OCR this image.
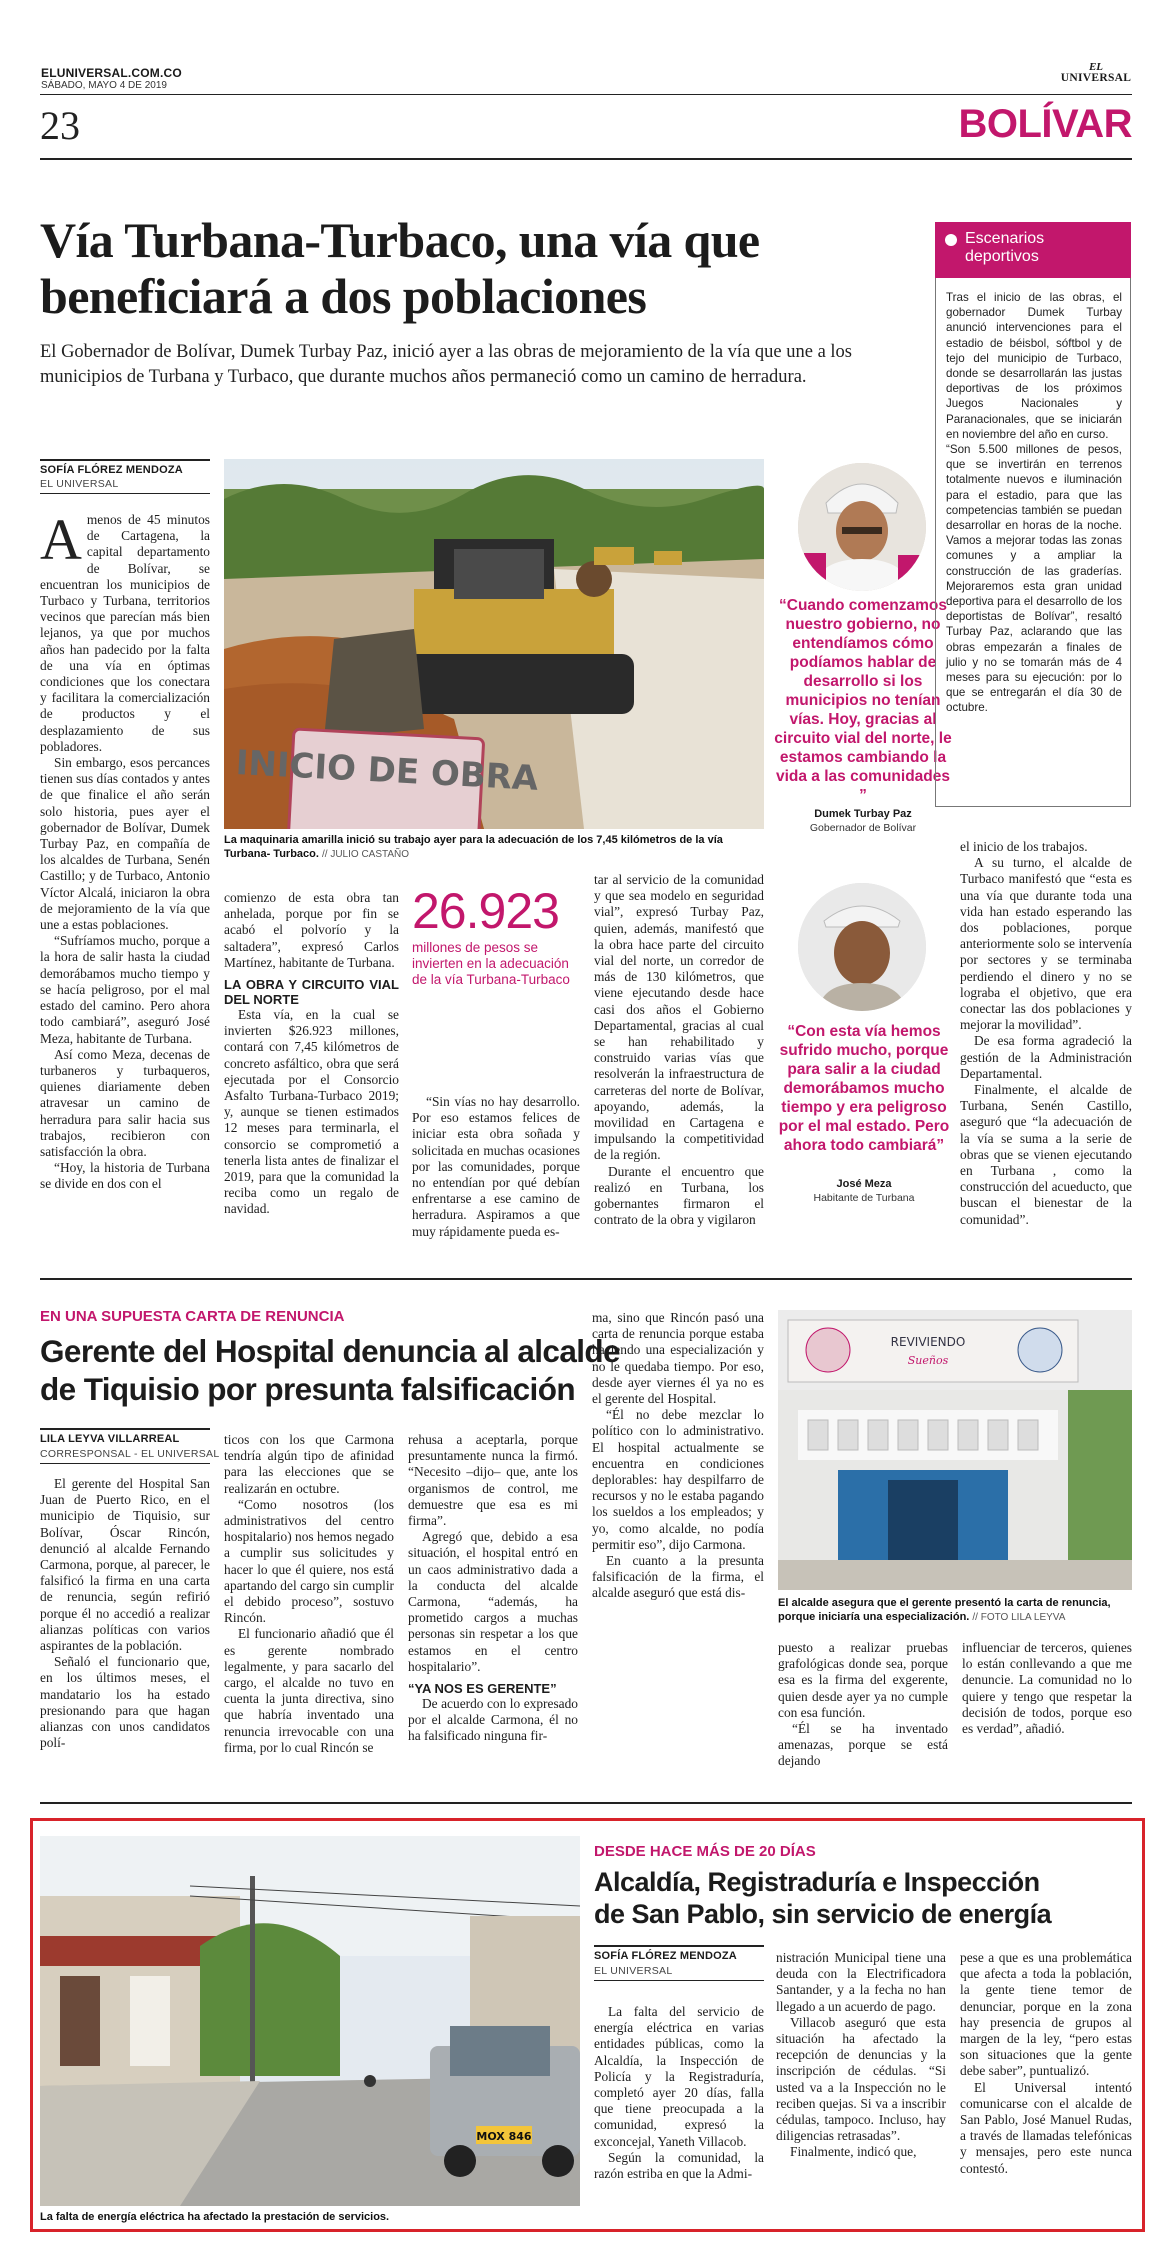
ELUNIVERSAL.COM.CO
SÁBADO, MAYO 4 DE 2019
EL
UNIVERSAL
23	BOLÍVAR
Vía Turbana-Turbaco, una vía que
beneficiará a dos poblaciones
El Gobernador de Bolívar, Dumek Turbay Paz, inició ayer a las obras de mejoramiento de la vía que une a los
municipios de Turbana y Turbaco, que durante muchos años permaneció como un camino de herradura.
SOFÍA FLÓREZ MENDOZA
EL UNIVERSAL
A menos de 45 minutos de Cartagena, la capital departamento de Bolívar, se encuentran los municipios de Turbaco y Turbana, territorios vecinos que parecían más bien lejanos, ya que por muchos años han padecido por la falta de una vía en óptimas condiciones que los conectara y facilitara la comercialización de productos y el desplazamiento de sus pobladores.

Sin embargo, esos percances tienen sus días contados y antes de que finalice el año serán solo historia, pues ayer el gobernador de Bolívar, Dumek Turbay Paz, en compañía de los alcaldes de Turbana, Senén Castillo; y de Turbaco, Antonio Víctor Alcalá, iniciaron la obra de mejoramiento de la vía que une a estas poblaciones.

“Sufríamos mucho, porque a la hora de salir hasta la ciudad demorábamos mucho tiempo y se hacía peligroso, por el mal estado del camino. Pero ahora todo cambiará”, aseguró José Meza, habitante de Turbana.

Así como Meza, decenas de turbaneros y turbaqueros, quienes diariamente deben atravesar un camino de herradura para salir hacia sus trabajos, recibieron con satisfacción la obra.

“Hoy, la historia de Turbana se divide en dos con el

INICIO DE OBRA
La maquinaria amarilla inició su trabajo ayer para la adecuación de los 7,45 kilómetros de la vía Turbana- Turbaco. // JULIO CASTAÑO

comienzo de esta obra tan anhelada, porque por fin se acabó el polvorío y la saltadera”, expresó Carlos Martínez, habitante de Turbana.

LA OBRA Y CIRCUITO VIAL DEL NORTE

Esta vía, en la cual se invierten $26.923 millones, contará con 7,45 kilómetros de concreto asfáltico, obra que será ejecutada por el Consorcio Asfalto Turbana-Turbaco 2019; y, aunque se tienen estimados 12 meses para terminarla, el consorcio se comprometió a tenerla lista antes de finalizar el 2019, para que la comunidad la reciba como un regalo de navidad.

26.923
millones de pesos se invierten en la adecuación de la vía Turbana-Turbaco

“Sin vías no hay desarrollo. Por eso estamos felices de iniciar esta obra soñada y solicitada en muchas ocasiones por las comunidades, porque no entendían por qué debían enfrentarse a ese camino de herradura. Aspiramos a que muy rápidamente pueda es-

tar al servicio de la comunidad y que sea modelo en seguridad vial”, expresó Turbay Paz, quien, además, manifestó que la obra hace parte del circuito vial del norte, un corredor de más de 130 kilómetros, que viene ejecutando desde hace casi dos años el Gobierno Departamental, gracias al cual se han rehabilitado y construido varias vías que resolverán la infraestructura de carreteras del norte de Bolívar, apoyando, además, la movilidad en Cartagena e impulsando la competitividad de la región.

Durante el encuentro que realizó en Turbana, los gobernantes firmaron el contrato de la obra y vigilaron

“Cuando comenzamos nuestro gobierno, no entendíamos cómo podíamos hablar de desarrollo si los municipios no tenían vías. Hoy, gracias al circuito vial del norte, le estamos cambiando la vida a las comunidades ”
Dumek Turbay Paz
Gobernador de Bolívar
“Con esta vía hemos sufrido mucho, porque para salir a la ciudad demorábamos mucho tiempo y era peligroso por el mal estado. Pero ahora todo cambiará”
José Meza
Habitante de Turbana

el inicio de los trabajos.

A su turno, el alcalde de Turbaco manifestó que “esta es una vía que durante toda una vida han estado esperando las dos poblaciones, porque anteriormente solo se intervenía por sectores y se terminaba perdiendo el dinero y no se lograba el objetivo, que era conectar las dos poblaciones y mejorar la movilidad”.

De esa forma agradeció la gestión de la Administración Departamental.

Finalmente, el alcalde de Turbana, Senén Castillo, aseguró que “la adecuación de la vía se suma a la serie de obras que se vienen ejecutando en Turbana , como la construcción del acueducto, que buscan el bienestar de la comunidad”.

Escenarios
deportivos

Tras el inicio de las obras, el gobernador Dumek Turbay anunció intervenciones para el estadio de béisbol, sóftbol y de tejo del municipio de Turbaco, donde se desarrollarán las justas deportivas de los próximos Juegos Nacionales y Paranacionales, que se iniciarán en noviembre del año en curso.

“Son 5.500 millones de pesos, que se invertirán en terrenos totalmente nuevos e iluminación para el estadio, para que las competencias también se puedan desarrollar en horas de la noche. Vamos a mejorar todas las zonas comunes y a ampliar la construcción de las graderías. Mejoraremos esta gran unidad deportiva para el desarrollo de los deportistas de Bolívar”, resaltó Turbay Paz, aclarando que las obras empezarán a finales de julio y no se tomarán más de 4 meses para su ejecución: por lo que se entregarán el día 30 de octubre.

EN UNA SUPUESTA CARTA DE RENUNCIA
Gerente del Hospital denuncia al alcalde
de Tiquisio por presunta falsificación
LILA LEYVA VILLARREAL
CORRESPONSAL - EL UNIVERSAL

El gerente del Hospital San Juan de Puerto Rico, en el municipio de Tiquisio, sur Bolívar, Óscar Rincón, denunció al alcalde Fernando Carmona, porque, al parecer, le falsificó la firma en una carta de renuncia, según refirió porque él no accedió a realizar alianzas políticas con varios aspirantes de la población.

Señaló el funcionario que, en los últimos meses, el mandatario los ha estado presionando para que hagan alianzas con unos candidatos polí-

ticos con los que Carmona tendría algún tipo de afinidad para las elecciones que se realizarán en octubre.

“Como nosotros (los administrativos del centro hospitalario) nos hemos negado a cumplir sus solicitudes y hacer lo que él quiere, nos está apartando del cargo sin cumplir el debido proceso”, sostuvo Rincón.

El funcionario añadió que él es gerente nombrado legalmente, y para sacarlo del cargo, el alcalde no tuvo en cuenta la junta directiva, sino que habría inventado una renuncia irrevocable con una firma, por lo cual Rincón se

rehusa a aceptarla, porque presuntamente nunca la firmó. “Necesito –dijo– que, ante los organismos de control, me demuestre que esa es mi firma”.

Agregó que, debido a esa situación, el hospital entró en un caos administrativo dada a la conducta del alcalde Carmona, “además, ha prometido cargos a muchas personas sin respetar a los que estamos en el centro hospitalario”.

“YA NOS ES GERENTE”

De acuerdo con lo expresado por el alcalde Carmona, él no ha falsificado ninguna fir-

ma, sino que Rincón pasó una carta de renuncia porque estaba haciendo una especialización y no le quedaba tiempo. Por eso, desde ayer viernes él ya no es el gerente del Hospital.

“Él no debe mezclar lo político con lo administrativo. El hospital actualmente se encuentra en condiciones deplorables: hay despilfarro de recursos y no le estaba pagando los sueldos a los empleados; y yo, como alcalde, no podía permitir eso”, dijo Carmona.

En cuanto a la presunta falsificación de la firma, el alcalde aseguró que está dis-

REVIVIENDO
Sueños
El alcalde asegura que el gerente presentó la carta de renuncia, porque iniciaría una especialización. // FOTO LILA LEYVA

puesto a realizar pruebas grafológicas donde sea, porque esa es la firma del exgerente, quien desde ayer ya no cumple con esa función.

“Él se ha inventado amenazas, porque se está dejando

influenciar de terceros, quienes lo están conllevando a que me denuncie. La comunidad no lo quiere y tengo que respetar la decisión de todos, porque eso es verdad”, añadió.

MOX 846
La falta de energía eléctrica ha afectado la prestación de servicios.
DESDE HACE MÁS DE 20 DÍAS
Alcaldía, Registraduría e Inspección
de San Pablo, sin servicio de energía
SOFÍA FLÓREZ MENDOZA
EL UNIVERSAL

La falta del servicio de energía eléctrica en varias entidades públicas, como la Alcaldía, la Inspección de Policía y la Registraduría, completó ayer 20 días, falla que tiene preocupada a la comunidad, expresó la exconcejal, Yaneth Villacob.

Según la comunidad, la razón estriba en que la Admi-

nistración Municipal tiene una deuda con la Electrificadora Santander, y a la fecha no han llegado a un acuerdo de pago.

Villacob aseguró que esta situación ha afectado la recepción de denuncias y la inscripción de cédulas. “Si usted va a la Inspección no le reciben quejas. Si va a inscribir cédulas, tampoco. Incluso, hay diligencias retrasadas”.

Finalmente, indicó que,

pese a que es una problemática que afecta a toda la población, la gente tiene temor de denunciar, porque en la zona hay presencia de grupos al margen de la ley, “pero estas son situaciones que la gente debe saber”, puntualizó.

El Universal intentó comunicarse con el alcalde de San Pablo, José Manuel Rudas, a través de llamadas telefónicas y mensajes, pero este nunca contestó.
